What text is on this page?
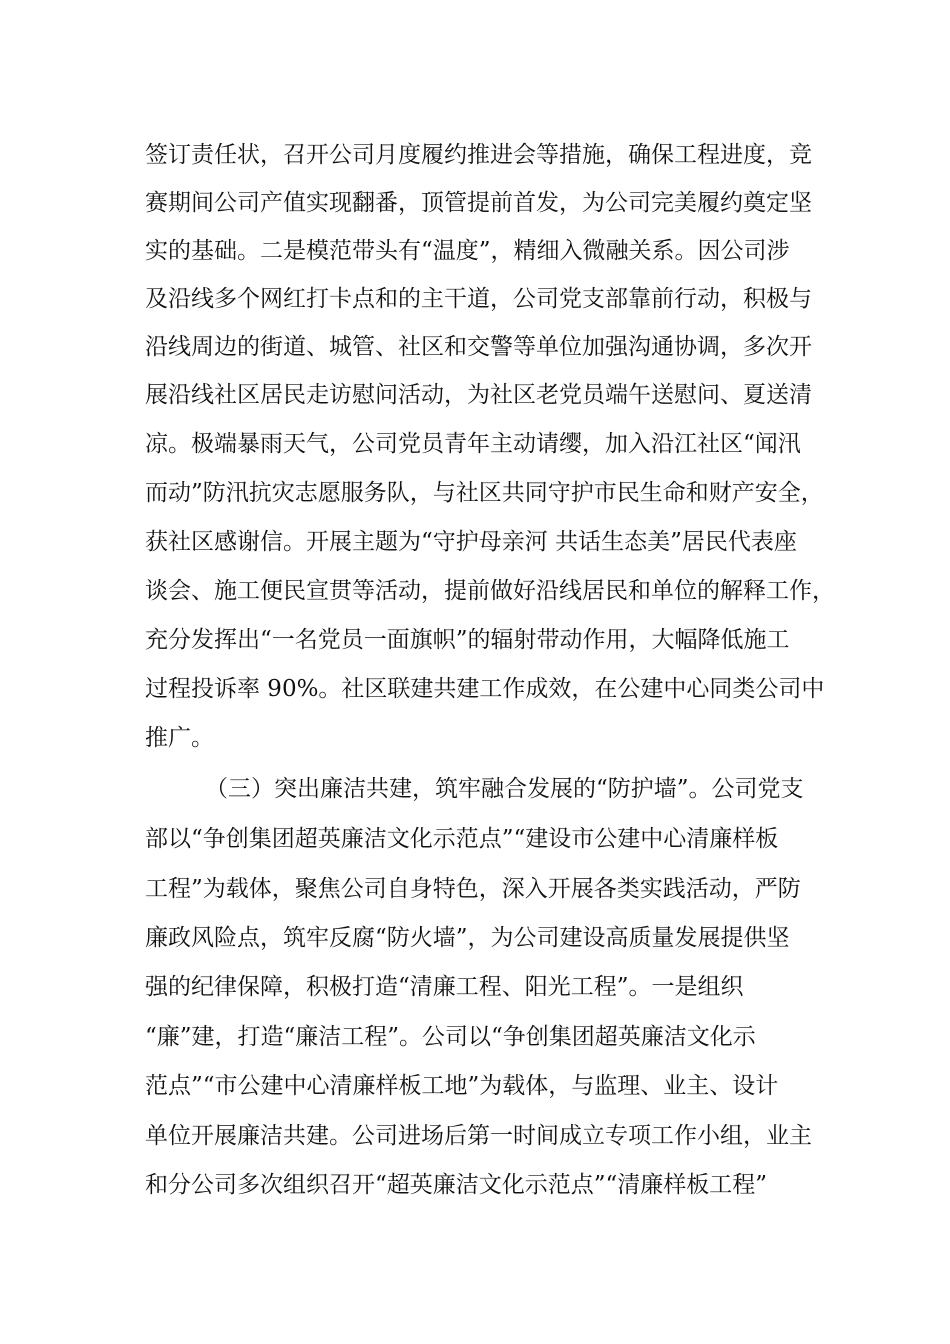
签订责任状，召开公司月度履约推进会等措施，确保工程进度，竞
赛期间公司产值实现翻番，顶管提前首发，为公司完美履约奠定坚
实的基础。二是模范带头有“温度”，精细入微融关系。因公司涉
及沿线多个网红打卡点和的主干道，公司党支部靠前行动，积极与
沿线周边的街道、城管、社区和交警等单位加强沟通协调，多次开
展沿线社区居民走访慰问活动，为社区老党员端午送慰问、夏送清
凉。极端暴雨天气，公司党员青年主动请缨，加入沿江社区“闻汛
而动”防汛抗灾志愿服务队，与社区共同守护市民生命和财产安全，
获社区感谢信。开展主题为“守护母亲河 共话生态美”居民代表座
谈会、施工便民宣贯等活动，提前做好沿线居民和单位的解释工作，
充分发挥出“一名党员一面旗帜”的辐射带动作用，大幅降低施工
过程投诉率 90%。社区联建共建工作成效，在公建中心同类公司中
推广。
（三）突出廉洁共建，筑牢融合发展的“防护墙”。公司党支
部以“争创集团超英廉洁文化示范点”“建设市公建中心清廉样板
工程”为载体，聚焦公司自身特色，深入开展各类实践活动，严防
廉政风险点，筑牢反腐“防火墙”，为公司建设高质量发展提供坚
强的纪律保障，积极打造“清廉工程、阳光工程”。一是组织
“廉”建，打造“廉洁工程”。公司以“争创集团超英廉洁文化示
范点”“市公建中心清廉样板工地”为载体，与监理、业主、设计
单位开展廉洁共建。公司进场后第一时间成立专项工作小组，业主
和分公司多次组织召开“超英廉洁文化示范点”“清廉样板工程”
